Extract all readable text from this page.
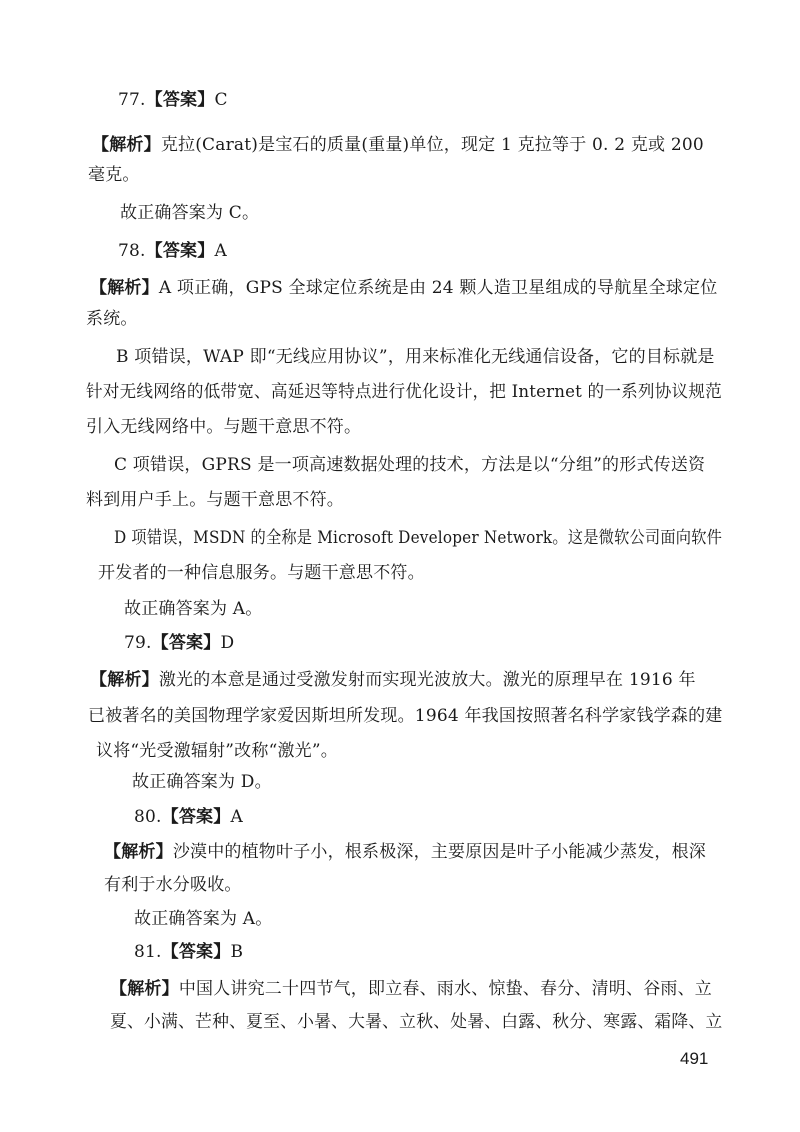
77.【答案】C
【解析】克拉(Carat)是宝石的质量(重量)单位，现定 1 克拉等于 0. 2 克或 200
毫克。
故正确答案为 C。
78.【答案】A
【解析】A 项正确，GPS 全球定位系统是由 24 颗人造卫星组成的导航星全球定位
系统。
B 项错误，WAP 即“无线应用协议”，用来标准化无线通信设备，它的目标就是
针对无线网络的低带宽、高延迟等特点进行优化设计，把 Internet 的一系列协议规范
引入无线网络中。与题干意思不符。
C 项错误，GPRS 是一项高速数据处理的技术，方法是以“分组”的形式传送资
料到用户手上。与题干意思不符。
D 项错误，MSDN 的全称是 Microsoft Developer Network。这是微软公司面向软件
开发者的一种信息服务。与题干意思不符。
故正确答案为 A。
79.【答案】D
【解析】激光的本意是通过受激发射而实现光波放大。激光的原理早在 1916 年
已被著名的美国物理学家爱因斯坦所发现。1964 年我国按照著名科学家钱学森的建
议将“光受激辐射”改称“激光”。
故正确答案为 D。
80.【答案】A
【解析】沙漠中的植物叶子小，根系极深，主要原因是叶子小能减少蒸发，根深
有利于水分吸收。
故正确答案为 A。
81.【答案】B
【解析】中国人讲究二十四节气，即立春、雨水、惊蛰、春分、清明、谷雨、立
夏、小满、芒种、夏至、小暑、大暑、立秋、处暑、白露、秋分、寒露、霜降、立
491
